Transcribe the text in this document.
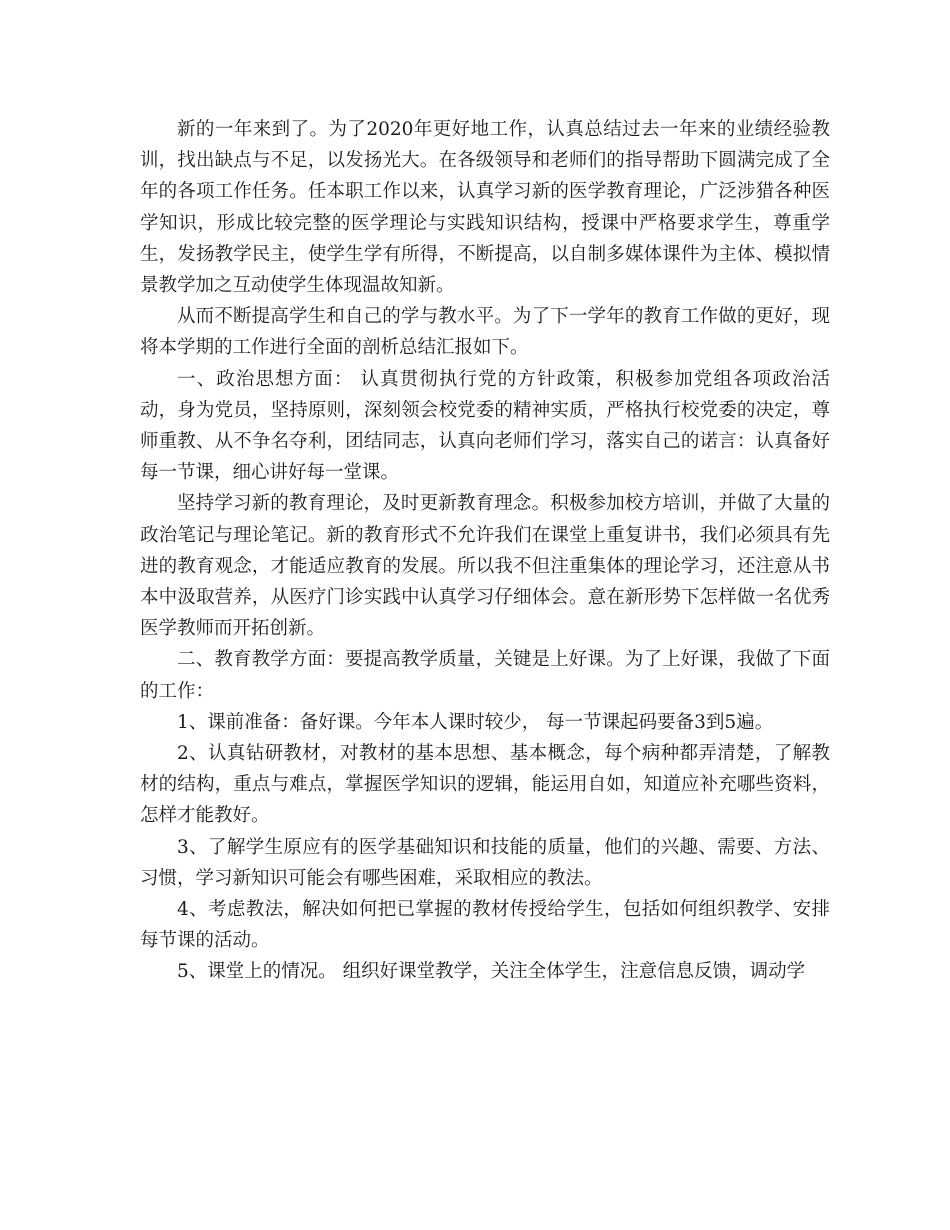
新的一年来到了。为了2020年更好地工作，认真总结过去一年来的业绩经验教训，找出缺点与不足，以发扬光大。在各级领导和老师们的指导帮助下圆满完成了全年的各项工作任务。任本职工作以来，认真学习新的医学教育理论，广泛涉猎各种医学知识，形成比较完整的医学理论与实践知识结构，授课中严格要求学生，尊重学生，发扬教学民主，使学生学有所得，不断提高，以自制多媒体课件为主体、模拟情景教学加之互动使学生体现温故知新。

从而不断提高学生和自己的学与教水平。为了下一学年的教育工作做的更好，现将本学期的工作进行全面的剖析总结汇报如下。

一、政治思想方面： 认真贯彻执行党的方针政策，积极参加党组各项政治活动，身为党员，坚持原则，深刻领会校党委的精神实质，严格执行校党委的决定，尊师重教、从不争名夺利，团结同志，认真向老师们学习，落实自己的诺言：认真备好每一节课，细心讲好每一堂课。

坚持学习新的教育理论，及时更新教育理念。积极参加校方培训，并做了大量的政治笔记与理论笔记。新的教育形式不允许我们在课堂上重复讲书，我们必须具有先进的教育观念，才能适应教育的发展。所以我不但注重集体的理论学习，还注意从书本中汲取营养，从医疗门诊实践中认真学习仔细体会。意在新形势下怎样做一名优秀医学教师而开拓创新。

二、教育教学方面：要提高教学质量，关键是上好课。为了上好课，我做了下面的工作：

1、课前准备：备好课。今年本人课时较少， 每一节课起码要备3到5遍。

2、认真钻研教材，对教材的基本思想、基本概念，每个病种都弄清楚，了解教材的结构，重点与难点，掌握医学知识的逻辑，能运用自如，知道应补充哪些资料，怎样才能教好。

3、了解学生原应有的医学基础知识和技能的质量，他们的兴趣、需要、方法、习惯，学习新知识可能会有哪些困难，采取相应的教法。

4、考虑教法，解决如何把已掌握的教材传授给学生，包括如何组织教学、安排每节课的活动。

5、课堂上的情况。 组织好课堂教学，关注全体学生，注意信息反馈，调动学
